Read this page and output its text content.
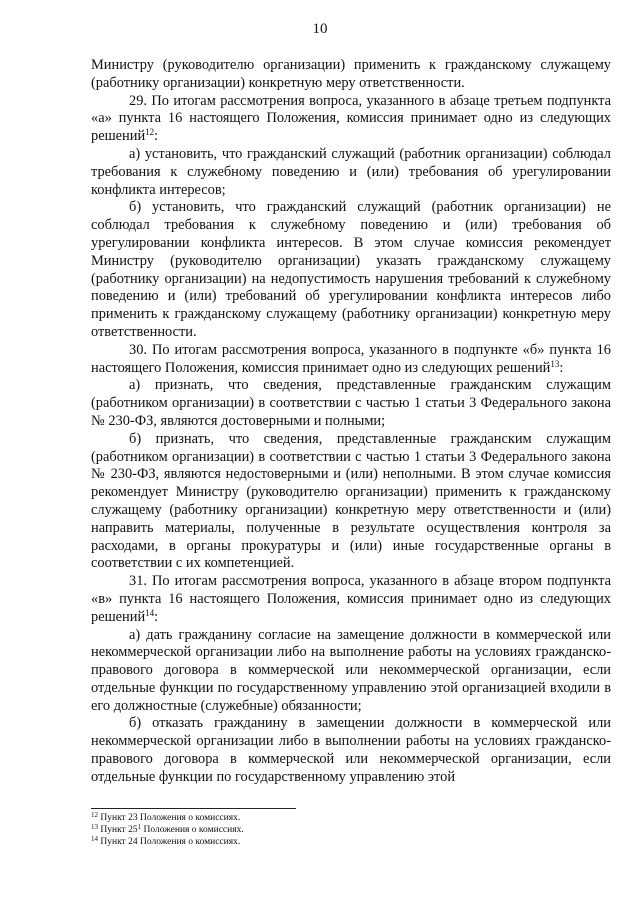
10

Министру (руководителю организации) применить к гражданскому служащему (работнику организации) конкретную меру ответственности.

29. По итогам рассмотрения вопроса, указанного в абзаце третьем подпункта «а» пункта 16 настоящего Положения, комиссия принимает одно из следующих решений$^{12}$:

а) установить, что гражданский служащий (работник организации) соблюдал требования к служебному поведению и (или) требования об урегулировании конфликта интересов;

б) установить, что гражданский служащий (работник организации) не соблюдал требования к служебному поведению и (или) требования об урегулировании конфликта интересов. В этом случае комиссия рекомендует Министру (руководителю организации) указать гражданскому служащему (работнику организации) на недопустимость нарушения требований к служебному поведению и (или) требований об урегулировании конфликта интересов либо применить к гражданскому служащему (работнику организации) конкретную меру ответственности.

30. По итогам рассмотрения вопроса, указанного в подпункте «б» пункта 16 настоящего Положения, комиссия принимает одно из следующих решений$^{13}$:

а) признать, что сведения, представленные гражданским служащим (работником организации) в соответствии с частью 1 статьи 3 Федерального закона № 230-ФЗ, являются достоверными и полными;

б) признать, что сведения, представленные гражданским служащим (работником организации) в соответствии с частью 1 статьи 3 Федерального закона № 230-ФЗ, являются недостоверными и (или) неполными. В этом случае комиссия рекомендует Министру (руководителю организации) применить к гражданскому служащему (работнику организации) конкретную меру ответственности и (или) направить материалы, полученные в результате осуществления контроля за расходами, в органы прокуратуры и (или) иные государственные органы в соответствии с их компетенцией.

31. По итогам рассмотрения вопроса, указанного в абзаце втором подпункта «в» пункта 16 настоящего Положения, комиссия принимает одно из следующих решений$^{14}$:

а) дать гражданину согласие на замещение должности в коммерческой или некоммерческой организации либо на выполнение работы на условиях гражданско-правового договора в коммерческой или некоммерческой организации, если отдельные функции по государственному управлению этой организацией входили в его должностные (служебные) обязанности;

б) отказать гражданину в замещении должности в коммерческой или некоммерческой организации либо в выполнении работы на условиях гражданско-правового договора в коммерческой или некоммерческой организации, если отдельные функции по государственному управлению этой

$^{12}$ Пункт 23 Положения о комиссиях.
$^{13}$ Пункт $25^1$ Положения о комиссиях.
$^{14}$ Пункт 24 Положения о комиссиях.
